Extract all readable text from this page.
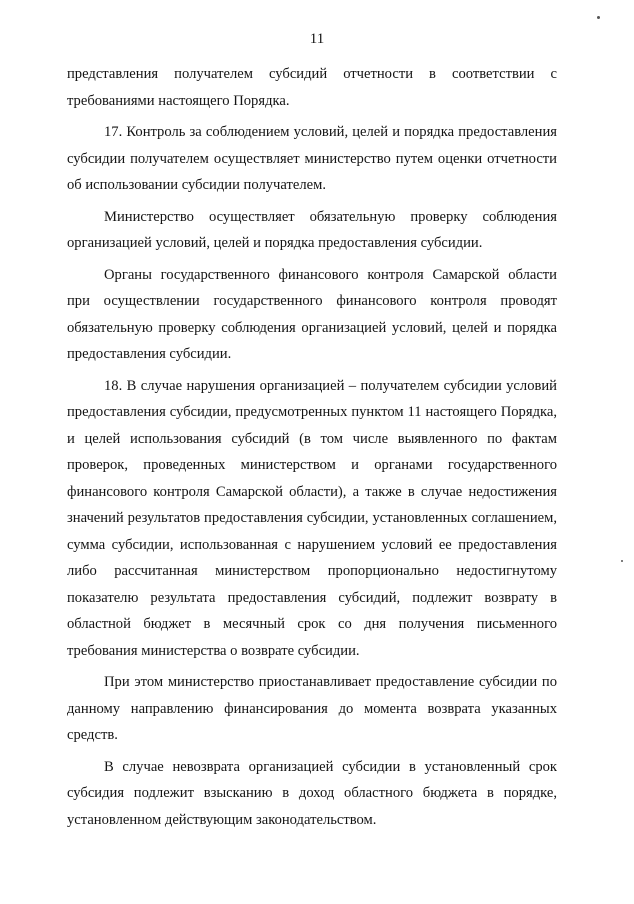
11

представления получателем субсидий отчетности в соответствии с требованиями настоящего Порядка.

17. Контроль за соблюдением условий, целей и порядка предоставления субсидии получателем осуществляет министерство путем оценки отчетности об использовании субсидии получателем.

Министерство осуществляет обязательную проверку соблюдения организацией условий, целей и порядка предоставления субсидии.

Органы государственного финансового контроля Самарской области при осуществлении государственного финансового контроля проводят обязательную проверку соблюдения организацией условий, целей и порядка предоставления субсидии.

18. В случае нарушения организацией – получателем субсидии условий предоставления субсидии, предусмотренных пунктом 11 настоящего Порядка, и целей использования субсидий (в том числе выявленного по фактам проверок, проведенных министерством и органами государственного финансового контроля Самарской области), а также в случае недостижения значений результатов предоставления субсидии, установленных соглашением, сумма субсидии, использованная с нарушением условий ее предоставления либо рассчитанная министерством пропорционально недостигнутому показателю результата предоставления субсидий, подлежит возврату в областной бюджет в месячный срок со дня получения письменного требования министерства о возврате субсидии.

При этом министерство приостанавливает предоставление субсидии по данному направлению финансирования до момента возврата указанных средств.

В случае невозврата организацией субсидии в установленный срок субсидия подлежит взысканию в доход областного бюджета в порядке, установленном действующим законодательством.
